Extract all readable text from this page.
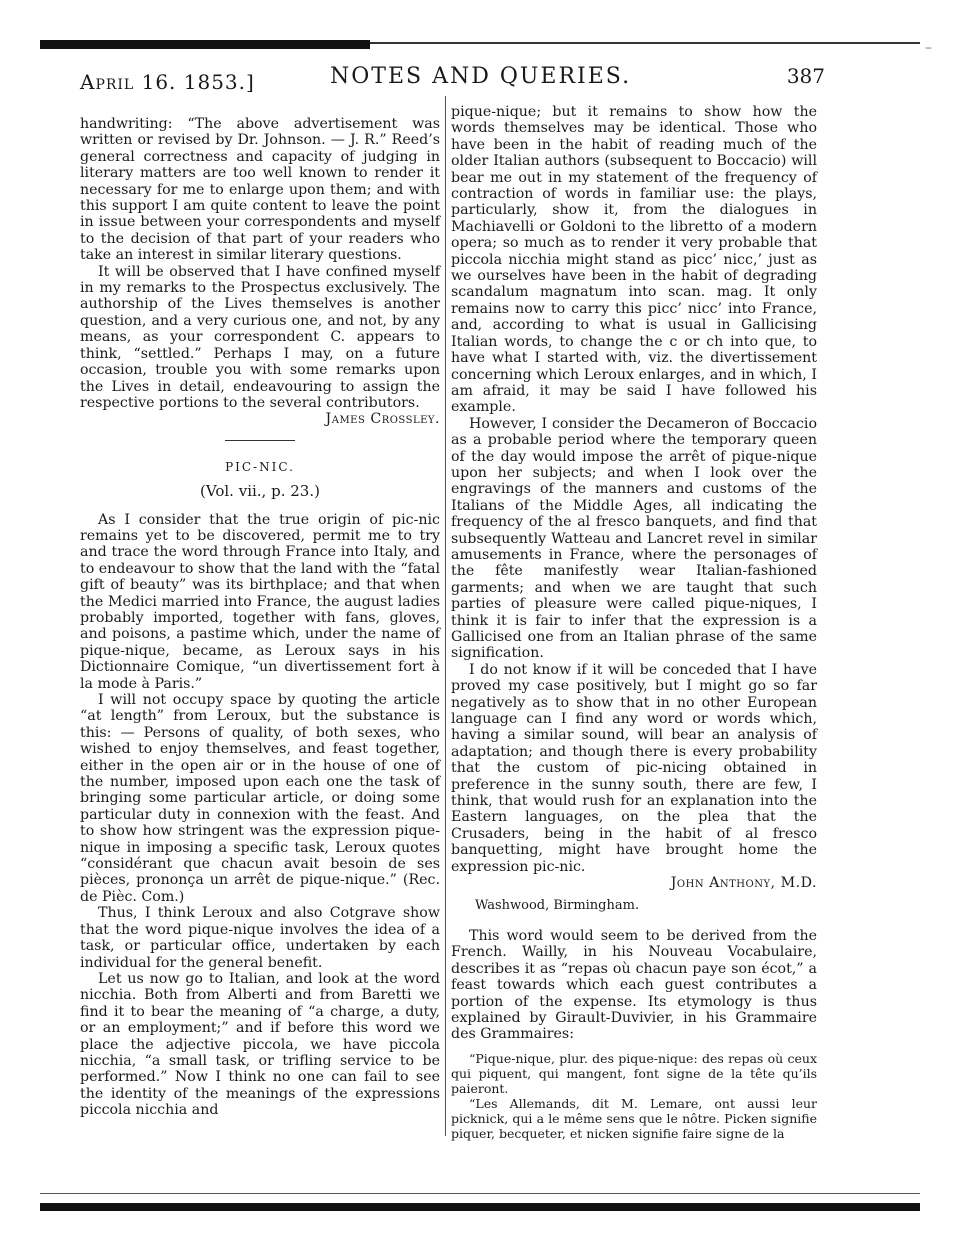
–
April 16. 1853.]	NOTES AND QUERIES.	387

handwriting: “The above advertisement was written or revised by Dr. Johnson. — J. R.” Reed’s general correctness and capacity of judging in literary matters are too well known to render it necessary for me to enlarge upon them; and with this support I am quite content to leave the point in issue between your correspondents and myself to the decision of that part of your readers who take an interest in similar literary questions.

It will be observed that I have confined myself in my remarks to the Prospectus exclusively. The authorship of the Lives themselves is another question, and a very curious one, and not, by any means, as your correspondent C. appears to think, “settled.” Perhaps I may, on a future occasion, trouble you with some remarks upon the Lives in detail, endeavouring to assign the respective portions to the several contributors.

James Crossley.

PIC-NIC.
(Vol. vii., p. 23.)

As I consider that the true origin of pic-nic remains yet to be discovered, permit me to try and trace the word through France into Italy, and to endeavour to show that the land with the “fatal gift of beauty” was its birthplace; and that when the Medici married into France, the august ladies probably imported, together with fans, gloves, and poisons, a pastime which, under the name of pique-nique, became, as Leroux says in his Dictionnaire Comique, “un divertissement fort à la mode à Paris.”

I will not occupy space by quoting the article “at length” from Leroux, but the substance is this: — Persons of quality, of both sexes, who wished to enjoy themselves, and feast together, either in the open air or in the house of one of the number, imposed upon each one the task of bringing some particular article, or doing some particular duty in connexion with the feast. And to show how stringent was the expression pique-nique in imposing a specific task, Leroux quotes “considérant que chacun avait besoin de ses pièces, prononça un arrêt de pique-nique.” (Rec. de Pièc. Com.)

Thus, I think Leroux and also Cotgrave show that the word pique-nique involves the idea of a task, or particular office, undertaken by each individual for the general benefit.

Let us now go to Italian, and look at the word nicchia. Both from Alberti and from Baretti we find it to bear the meaning of “a charge, a duty, or an employment;” and if before this word we place the adjective piccola, we have piccola nicchia, “a small task, or trifling service to be performed.” Now I think no one can fail to see the identity of the meanings of the expressions piccola nicchia and

pique-nique; but it remains to show how the words themselves may be identical. Those who have been in the habit of reading much of the older Italian authors (subsequent to Boccacio) will bear me out in my statement of the frequency of contraction of words in familiar use: the plays, particularly, show it, from the dialogues in Machiavelli or Goldoni to the libretto of a modern opera; so much as to render it very probable that piccola nicchia might stand as picc’ nicc,’ just as we ourselves have been in the habit of degrading scandalum magnatum into scan. mag. It only remains now to carry this picc’ nicc’ into France, and, according to what is usual in Gallicising Italian words, to change the c or ch into que, to have what I started with, viz. the divertissement concerning which Leroux enlarges, and in which, I am afraid, it may be said I have followed his example.

However, I consider the Decameron of Boccacio as a probable period where the temporary queen of the day would impose the arrêt of pique-nique upon her subjects; and when I look over the engravings of the manners and customs of the Italians of the Middle Ages, all indicating the frequency of the al fresco banquets, and find that subsequently Watteau and Lancret revel in similar amusements in France, where the personages of the fête manifestly wear Italian-fashioned garments; and when we are taught that such parties of pleasure were called pique-niques, I think it is fair to infer that the expression is a Gallicised one from an Italian phrase of the same signification.

I do not know if it will be conceded that I have proved my case positively, but I might go so far negatively as to show that in no other European language can I find any word or words which, having a similar sound, will bear an analysis of adaptation; and though there is every probability that the custom of pic-nicing obtained in preference in the sunny south, there are few, I think, that would rush for an explanation into the Eastern languages, on the plea that the Crusaders, being in the habit of al fresco banquetting, might have brought home the expression pic-nic.

John Anthony, M.D.

Washwood, Birmingham.

This word would seem to be derived from the French. Wailly, in his Nouveau Vocabulaire, describes it as “repas où chacun paye son écot,” a feast towards which each guest contributes a portion of the expense. Its etymology is thus explained by Girault-Duvivier, in his Grammaire des Grammaires:

“Pique-nique, plur. des pique-nique: des repas où ceux qui piquent, qui mangent, font signe de la tête qu’ils paieront.

“Les Allemands, dit M. Lemare, ont aussi leur picknick, qui a le même sens que le nôtre. Picken signifie piquer, becqueter, et nicken signifie faire signe de la
